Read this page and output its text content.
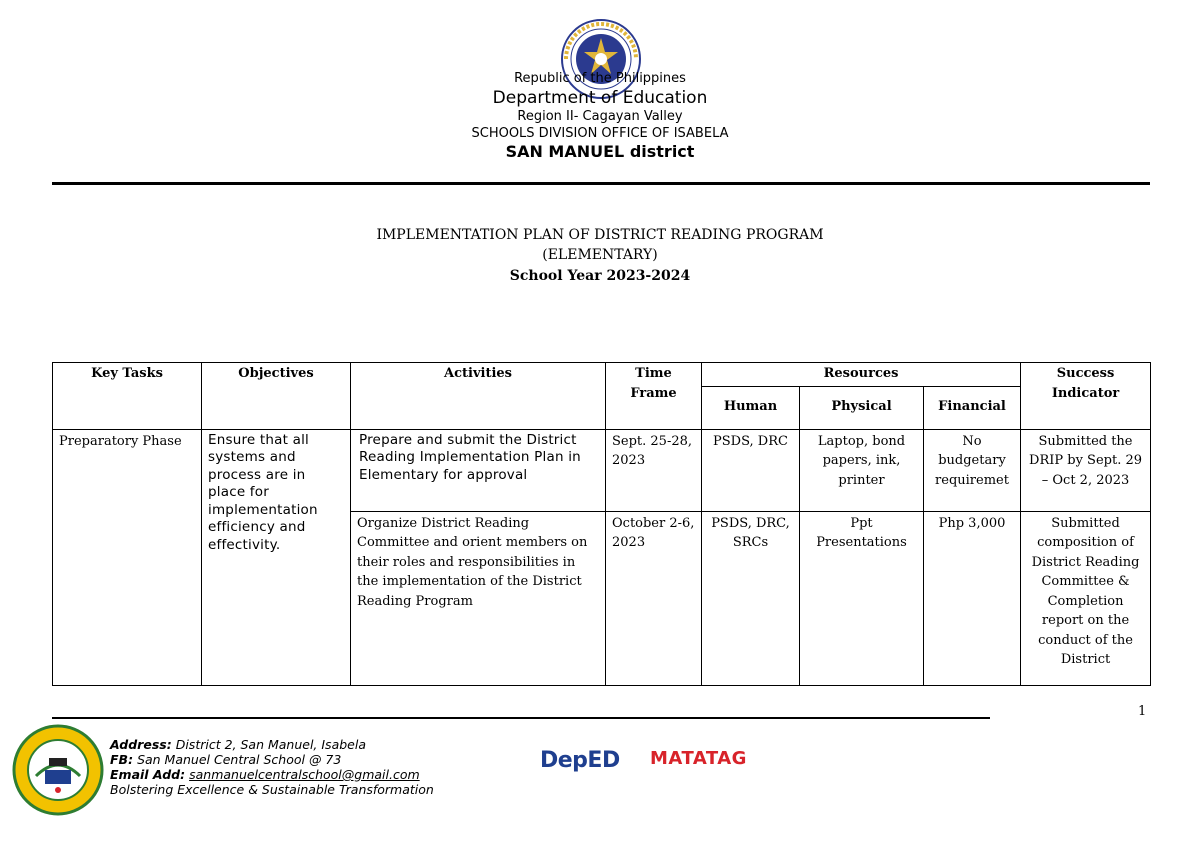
Republic of the Philippines
Department of Education
Region II- Cagayan Valley
SCHOOLS DIVISION OFFICE OF ISABELA
SAN MANUEL district
IMPLEMENTATION PLAN OF DISTRICT READING PROGRAM
(ELEMENTARY)
School Year 2023-2024
Key Tasks	Objectives	Activities	Time Frame	Resources			Success Indicator
				Human	Physical	Financial	
Preparatory Phase	Ensure that all systems and process are in place for implementation efficiency and effectivity.	Prepare and submit the District Reading Implementation Plan in Elementary for approval	Sept. 25-28, 2023	PSDS, DRC	Laptop, bond papers, ink, printer	No budgetary requiremet	Submitted the DRIP by Sept. 29 – Oct 2, 2023
		Organize District Reading Committee and orient members on their roles and responsibilities in the implementation of the District Reading Program	October 2-6, 2023	PSDS, DRC, SRCs	Ppt Presentations	Php 3,000	Submitted composition of District Reading Committee & Completion report on the conduct of the District
1
Address: District 2, San Manuel, Isabela
FB: San Manuel Central School @ 73
Email Add: sanmanuelcentralschool@gmail.com
Bolstering Excellence & Sustainable Transformation
DepED MATATAG
